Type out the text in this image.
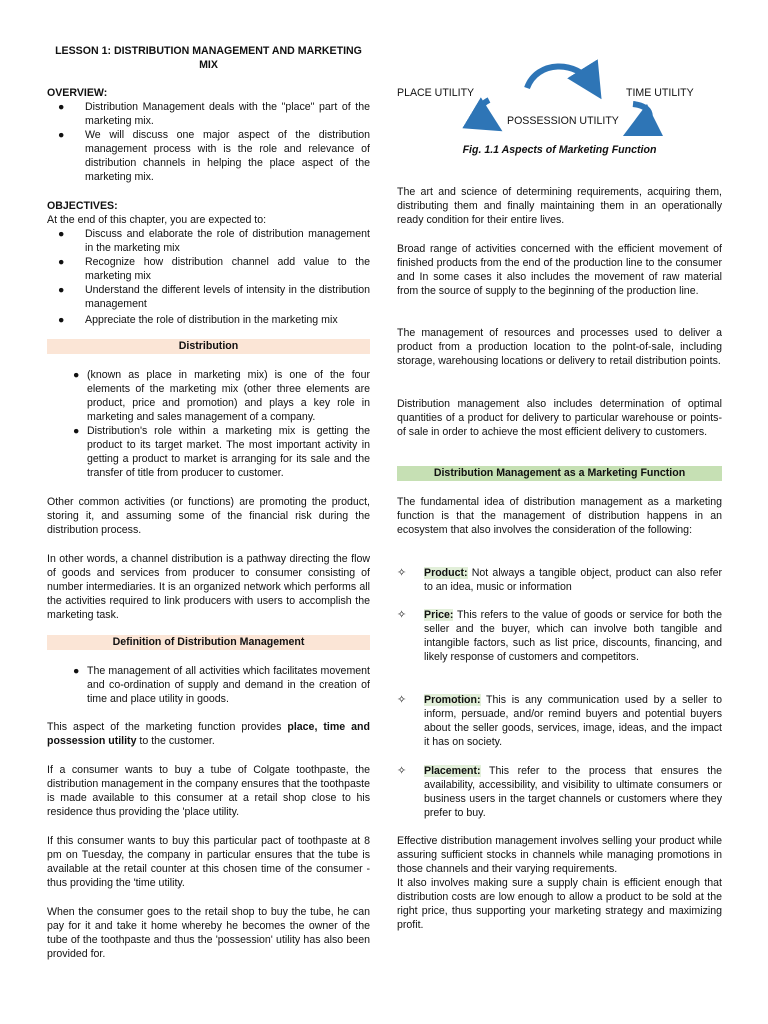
LESSON 1: DISTRIBUTION MANAGEMENT AND MARKETING
MIX
OVERVIEW:
● Distribution Management deals with the "place" part of the marketing mix.
● We will discuss one major aspect of the distribution management process with is the role and relevance of distribution channels in helping the place aspect of the marketing mix.
OBJECTIVES:
At the end of this chapter, you are expected to:
● Discuss and elaborate the role of distribution management in the marketing mix
● Recognize how distribution channel add value to the marketing mix
● Understand the different levels of intensity in the distribution management
● Appreciate the role of distribution in the marketing mix
Distribution
● (known as place in marketing mix) is one of the four elements of the marketing mix (other three elements are product, price and promotion) and plays a key role in marketing and sales management of a company.
● Distribution's role within a marketing mix is getting the product to its target market. The most important activity in getting a product to market is arranging for its sale and the transfer of title from producer to customer.

Other common activities (or functions) are promoting the product, storing it, and assuming some of the financial risk during the distribution process.

In other words, a channel distribution is a pathway directing the flow of goods and services from producer to consumer consisting of number intermediaries. It is an organized network which performs all the activities required to link producers with users to accomplish the marketing task.

Definition of Distribution Management
● The management of all activities which facilitates movement and co-ordination of supply and demand in the creation of time and place utility in goods.

This aspect of the marketing function provides place, time and possession utility to the customer.

If a consumer wants to buy a tube of Colgate toothpaste, the distribution management in the company ensures that the toothpaste is made available to this consumer at a retail shop close to his residence thus providing the 'place utility.

If this consumer wants to buy this particular pact of toothpaste at 8 pm on Tuesday, the company in particular ensures that the tube is available at the retail counter at this chosen time of the consumer - thus providing the 'time utility.

When the consumer goes to the retail shop to buy the tube, he can pay for it and take it home whereby he becomes the owner of the tube of the toothpaste and thus the 'possession' utility has also been provided for.

PLACE UTILITY	TIME UTILITY
POSSESSION UTILITY
Fig. 1.1 Aspects of Marketing Function

The art and science of determining requirements, acquiring them, distributing them and finally maintaining them in an operationally ready condition for their entire lives.

Broad range of activities concerned with the efficient movement of finished products from the end of the production line to the consumer and In some cases it also includes the movement of raw material from the source of supply to the beginning of the production line.

The management of resources and processes used to deliver a product from a production location to the polnt-of-sale, including storage, warehousing locations or delivery to retail distribution points.

Distribution management also includes determination of optimal quantities of a product for delivery to particular warehouse or points-of sale in order to achieve the most efficient delivery to customers.

Distribution Management as a Marketing Function

The fundamental idea of distribution management as a marketing function is that the management of distribution happens in an ecosystem that also involves the consideration of the following:

✧ Product: Not always a tangible object, product can also refer to an idea, music or information
✧ Price: This refers to the value of goods or service for both the seller and the buyer, which can involve both tangible and intangible factors, such as list price, discounts, financing, and likely response of customers and competitors.
✧ Promotion: This is any communication used by a seller to inform, persuade, and/or remind buyers and potential buyers about the seller goods, services, image, ideas, and the impact it has on society.
✧ Placement: This refer to the process that ensures the availability, accessibility, and visibility to ultimate consumers or business users in the target channels or customers where they prefer to buy.

Effective distribution management involves selling your product while assuring sufficient stocks in channels while managing promotions in those channels and their varying requirements.

It also involves making sure a supply chain is efficient enough that distribution costs are low enough to allow a product to be sold at the right price, thus supporting your marketing strategy and maximizing profit.
